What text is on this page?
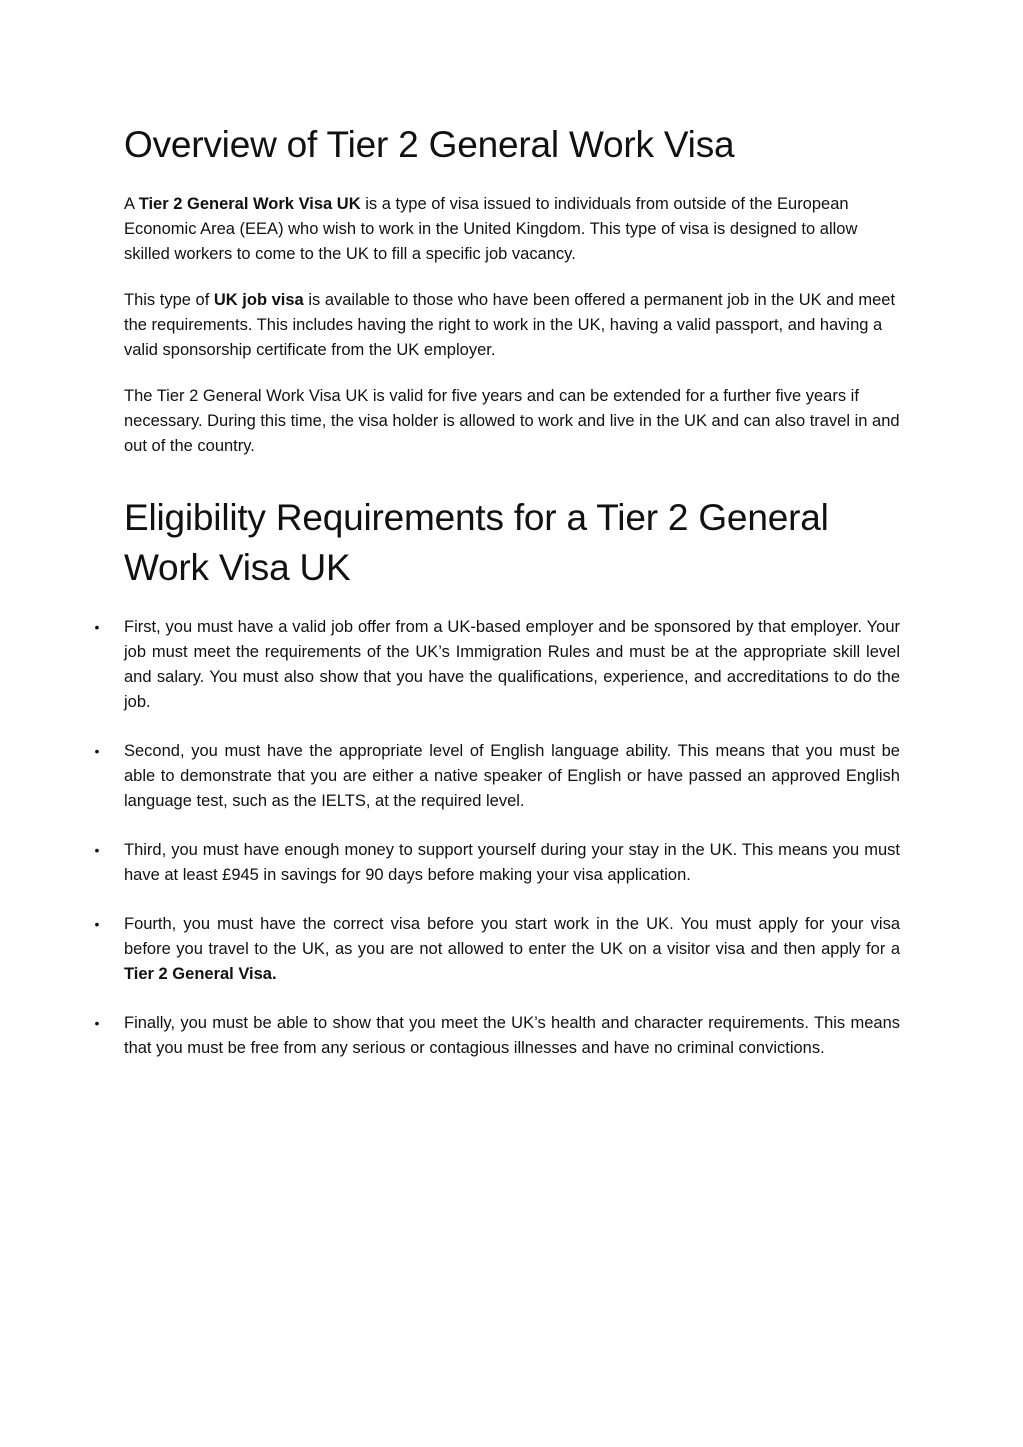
Overview of Tier 2 General Work Visa

A Tier 2 General Work Visa UK is a type of visa issued to individuals from outside of the European Economic Area (EEA) who wish to work in the United Kingdom. This type of visa is designed to allow skilled workers to come to the UK to fill a specific job vacancy.

This type of UK job visa is available to those who have been offered a permanent job in the UK and meet the requirements. This includes having the right to work in the UK, having a valid passport, and having a valid sponsorship certificate from the UK employer.

The Tier 2 General Work Visa UK is valid for five years and can be extended for a further five years if necessary. During this time, the visa holder is allowed to work and live in the UK and can also travel in and out of the country.

Eligibility Requirements for a Tier 2 General Work Visa UK
• First, you must have a valid job offer from a UK-based employer and be sponsored by that employer. Your job must meet the requirements of the UK’s Immigration Rules and must be at the appropriate skill level and salary. You must also show that you have the qualifications, experience, and accreditations to do the job.
• Second, you must have the appropriate level of English language ability. This means that you must be able to demonstrate that you are either a native speaker of English or have passed an approved English language test, such as the IELTS, at the required level.
• Third, you must have enough money to support yourself during your stay in the UK. This means you must have at least £945 in savings for 90 days before making your visa application.
• Fourth, you must have the correct visa before you start work in the UK. You must apply for your visa before you travel to the UK, as you are not allowed to enter the UK on a visitor visa and then apply for a Tier 2 General Visa.
• Finally, you must be able to show that you meet the UK’s health and character requirements. This means that you must be free from any serious or contagious illnesses and have no criminal convictions.
